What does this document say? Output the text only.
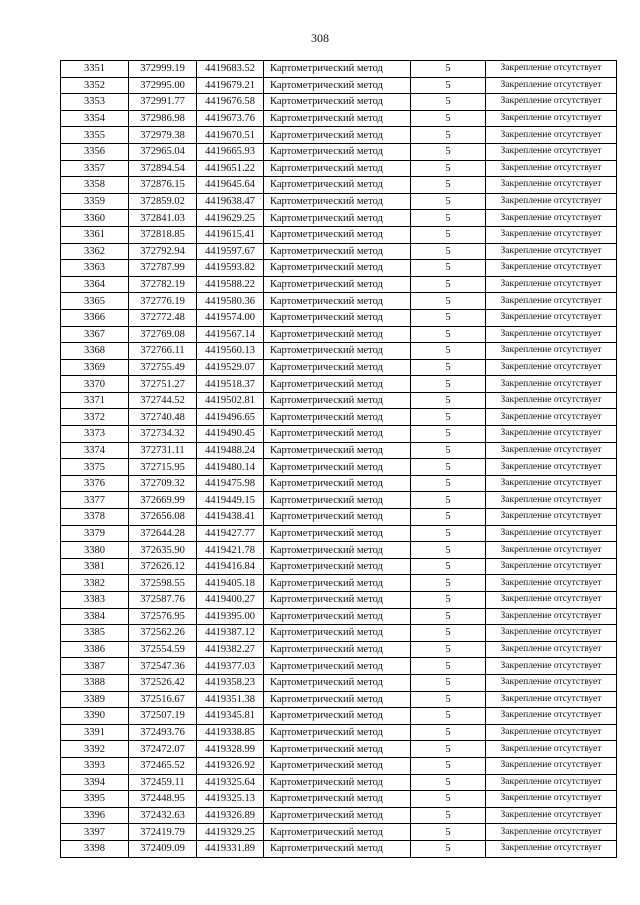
308
3351	372999.19	4419683.52	Картометрический метод	5	Закрепление отсутствует
3352	372995.00	4419679.21	Картометрический метод	5	Закрепление отсутствует
3353	372991.77	4419676.58	Картометрический метод	5	Закрепление отсутствует
3354	372986.98	4419673.76	Картометрический метод	5	Закрепление отсутствует
3355	372979.38	4419670.51	Картометрический метод	5	Закрепление отсутствует
3356	372965.04	4419665.93	Картометрический метод	5	Закрепление отсутствует
3357	372894.54	4419651.22	Картометрический метод	5	Закрепление отсутствует
3358	372876.15	4419645.64	Картометрический метод	5	Закрепление отсутствует
3359	372859.02	4419638.47	Картометрический метод	5	Закрепление отсутствует
3360	372841.03	4419629.25	Картометрический метод	5	Закрепление отсутствует
3361	372818.85	4419615.41	Картометрический метод	5	Закрепление отсутствует
3362	372792.94	4419597.67	Картометрический метод	5	Закрепление отсутствует
3363	372787.99	4419593.82	Картометрический метод	5	Закрепление отсутствует
3364	372782.19	4419588.22	Картометрический метод	5	Закрепление отсутствует
3365	372776.19	4419580.36	Картометрический метод	5	Закрепление отсутствует
3366	372772.48	4419574.00	Картометрический метод	5	Закрепление отсутствует
3367	372769.08	4419567.14	Картометрический метод	5	Закрепление отсутствует
3368	372766.11	4419560.13	Картометрический метод	5	Закрепление отсутствует
3369	372755.49	4419529.07	Картометрический метод	5	Закрепление отсутствует
3370	372751.27	4419518.37	Картометрический метод	5	Закрепление отсутствует
3371	372744.52	4419502.81	Картометрический метод	5	Закрепление отсутствует
3372	372740.48	4419496.65	Картометрический метод	5	Закрепление отсутствует
3373	372734.32	4419490.45	Картометрический метод	5	Закрепление отсутствует
3374	372731.11	4419488.24	Картометрический метод	5	Закрепление отсутствует
3375	372715.95	4419480.14	Картометрический метод	5	Закрепление отсутствует
3376	372709.32	4419475.98	Картометрический метод	5	Закрепление отсутствует
3377	372669.99	4419449.15	Картометрический метод	5	Закрепление отсутствует
3378	372656.08	4419438.41	Картометрический метод	5	Закрепление отсутствует
3379	372644.28	4419427.77	Картометрический метод	5	Закрепление отсутствует
3380	372635.90	4419421.78	Картометрический метод	5	Закрепление отсутствует
3381	372626.12	4419416.84	Картометрический метод	5	Закрепление отсутствует
3382	372598.55	4419405.18	Картометрический метод	5	Закрепление отсутствует
3383	372587.76	4419400.27	Картометрический метод	5	Закрепление отсутствует
3384	372576.95	4419395.00	Картометрический метод	5	Закрепление отсутствует
3385	372562.26	4419387.12	Картометрический метод	5	Закрепление отсутствует
3386	372554.59	4419382.27	Картометрический метод	5	Закрепление отсутствует
3387	372547.36	4419377.03	Картометрический метод	5	Закрепление отсутствует
3388	372526.42	4419358.23	Картометрический метод	5	Закрепление отсутствует
3389	372516.67	4419351.38	Картометрический метод	5	Закрепление отсутствует
3390	372507.19	4419345.81	Картометрический метод	5	Закрепление отсутствует
3391	372493.76	4419338.85	Картометрический метод	5	Закрепление отсутствует
3392	372472.07	4419328.99	Картометрический метод	5	Закрепление отсутствует
3393	372465.52	4419326.92	Картометрический метод	5	Закрепление отсутствует
3394	372459.11	4419325.64	Картометрический метод	5	Закрепление отсутствует
3395	372448.95	4419325.13	Картометрический метод	5	Закрепление отсутствует
3396	372432.63	4419326.89	Картометрический метод	5	Закрепление отсутствует
3397	372419.79	4419329.25	Картометрический метод	5	Закрепление отсутствует
3398	372409.09	4419331.89	Картометрический метод	5	Закрепление отсутствует
